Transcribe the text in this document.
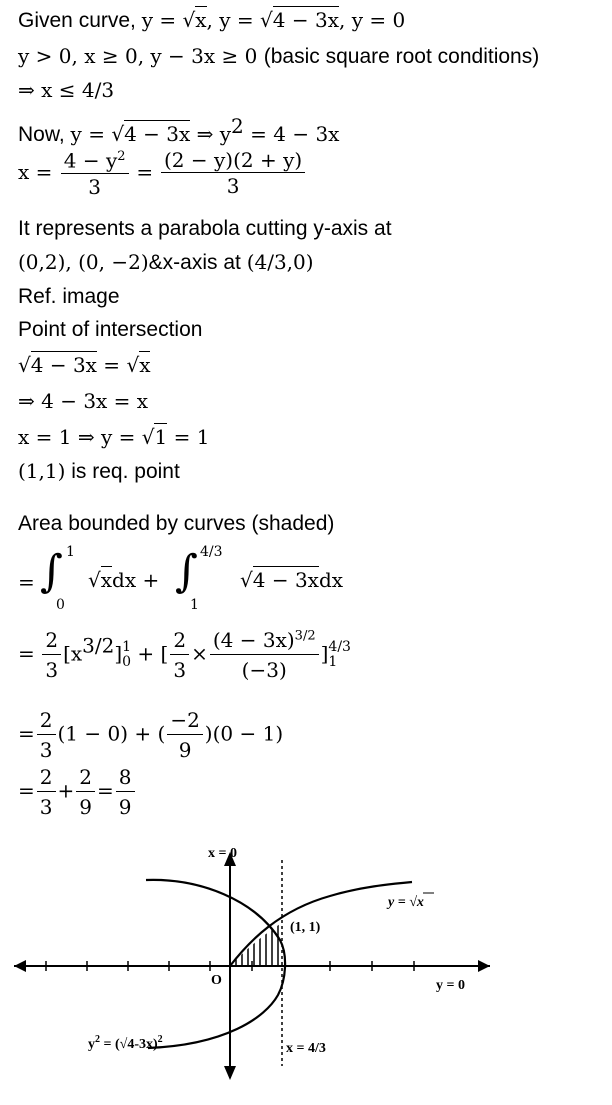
Given curve, y = √x, y = √4 − 3x, y = 0
y > 0, x ≥ 0, y − 3x ≥ 0 (basic square root conditions)
⇒ x ≤ 4/3
Now, y = √4 − 3x ⇒ $y^2 = 4 - 3x$
$x = \frac{4 - y^2}{3} = \frac{(2 - y)(2 + y)}{3}$
It represents a parabola cutting y-axis at
(0,2), (0, −2)&x-axis at (4/3,0)
Ref. image
Point of intersection
√4 − 3x = √x
⇒ 4 − 3x = x
x = 1 ⇒ y = √1 = 1
(1,1) is req. point
Area bounded by curves (shaded)
= ∫ 1
0
√xdx + ∫ 4/3
1
√4 − 3xdx
= $\frac{2}{3} [x^{3/2}]$ 1
0 + [ $\frac{2}{3} \times \frac{(4 - 3x)^{3/2}}{(-3)}$ ] 4/3
1
= $\frac{2}{3} (1 - 0)$ + ( $\frac{-2}{9} )(0 - 1)$
= $\frac{2}{3} + \frac{2}{9} = \frac{8}{9}$
x = 0
y = 0
O
(1, 1)
y = √x
$y^2 = (√4-3x)^2$
x = 4/3
